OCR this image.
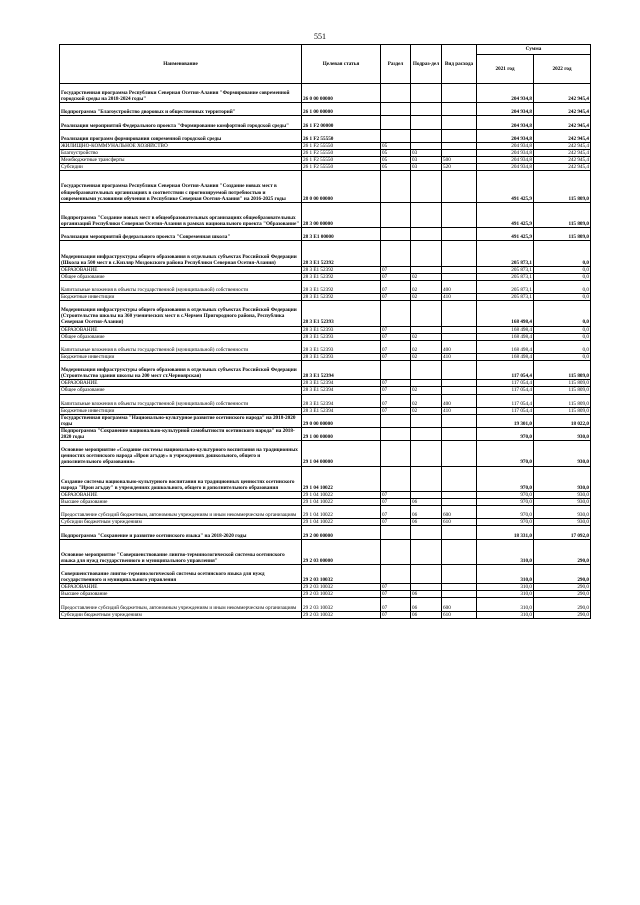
551
Наименование	Целевая статья	Раздел	Подраз-дел	Вид расхода	Сумма	
					2021 год	2022 год
Государственная программа Республики Северная Осетия-Алания "Формирование современной городской среды на 2018-2024 годы"	26 0 00 00000				204 934,8	242 945,4
Подпрограмма "Благоустройство дворовых и общественных территорий"	26 1 00 00000				204 934,8	242 945,4
Реализация мероприятий Федерального проекта "Формирование комфортной городской среды"	26 1 F2 00000				204 934,8	242 945,4
Реализация программ формирования современной городской среды	26 1 F2 55550				204 934,8	242 945,4
ЖИЛИЩНО-КОММУНАЛЬНОЕ ХОЗЯЙСТВО	26 1 F2 55550	05			204 934,8	242 945,4
Благоустройство	26 1 F2 55550	05	03		204 934,8	242 945,4
Межбюджетные трансферты	26 1 F2 55550	05	03	500	204 934,8	242 945,4
Субсидии	26 1 F2 55550	05	03	520	204 934,8	242 945,4
Государственная программа Республики Северная Осетия-Алания "Создание новых мест в общеобразовательных организациях в соответствии с прогнозируемой потребностью и современными условиями обучения в Республике Северная Осетия-Алания" на 2016-2025 годы	28 0 00 00000				491 425,9	115 809,0
Подпрограмма "Создание новых мест в общеобразовательных организациях общеобразовательных организаций Республики Северная Осетия-Алания в рамках национального проекта "Образование"	28 3 00 00000				491 425,9	115 809,0
Реализация мероприятий федерального проекта "Современная школа"	28 3 E1 00000				491 425,9	115 809,0
Модернизация инфраструктуры общего образования в отдельных субъектах Российской Федерации (Школа на 500 мест в с.Кизляр Моздокского района Республики Северная Осетия-Алания)	28 3 E1 52392				205 873,1	0,0
ОБРАЗОВАНИЕ	28 3 E1 52392	07			205 873,1	0,0
Общее образование	28 3 E1 52392	07	02		205 873,1	0,0
Капитальные вложения в объекты государственной (муниципальной) собственности	28 3 E1 52392	07	02	400	205 873,1	0,0
Бюджетные инвестиции	28 3 E1 52392	07	02	410	205 873,1	0,0
Модернизация инфраструктуры общего образования в отдельных субъектах Российской Федерации (Строительство школы на 360 ученических мест в с.Чермен Пригородного района, Республика Северная Осетия-Алания)	28 3 E1 52393				168 498,4	0,0
ОБРАЗОВАНИЕ	28 3 E1 52393	07			168 498,4	0,0
Общее образование	28 3 E1 52393	07	02		168 498,4	0,0
Капитальные вложения в объекты государственной (муниципальной) собственности	28 3 E1 52393	07	02	400	168 498,4	0,0
Бюджетные инвестиции	28 3 E1 52393	07	02	410	168 498,4	0,0
Модернизация инфраструктуры общего образования в отдельных субъектах Российской Федерации (Строительство здания школы на 200 мест ст.Черноярская)	28 3 E1 52394				117 054,4	115 809,0
ОБРАЗОВАНИЕ	28 3 E1 52394	07			117 054,4	115 809,0
Общее образование	28 3 E1 52394	07	02		117 054,4	115 809,0
Капитальные вложения в объекты государственной (муниципальной) собственности	28 3 E1 52394	07	02	400	117 054,4	115 809,0
Бюджетные инвестиции	28 3 E1 52394	07	02	410	117 054,4	115 809,0
Государственная программа "Национально-культурное развитие осетинского народа" на 2018-2020 годы	29 0 00 00000				19 301,0	18 022,0
Подпрограмма "Сохранение национально-культурной самобытности осетинского народа" на 2018-2020 годы	29 1 00 00000				970,0	930,0
Основное мероприятие «Создание системы национально-культурного воспитания на традиционных ценностях осетинского народа «Ирон агъдау» в учреждениях дошкольного, общего и дополнительного образования»	29 1 04 00000				970,0	930,0
Создание системы национально-культурного воспитания на традиционных ценностях осетинского народа "Ирон агъдау" в учреждениях дошкольного, общего и дополнительного образования	29 1 04 10022				970,0	930,0
ОБРАЗОВАНИЕ	29 1 04 10022	07			970,0	930,0
Высшее образование	29 1 04 10022	07	06		970,0	930,0
Предоставление субсидий бюджетным, автономным учреждениям и иным некоммерческим организациям	29 1 04 10022	07	06	600	970,0	930,0
Субсидии бюджетным учреждениям	29 1 04 10022	07	06	610	970,0	930,0
Подпрограмма "Сохранение и развитие осетинского языка" на 2018-2020 годы	29 2 00 00000				18 331,0	17 092,0
Основное мероприятие "Совершенствование лингво-терминологической системы осетинского языка для нужд государственного и муниципального управления"	29 2 03 00000				310,0	290,0
Совершенствование лингво-терминологической системы осетинского языка для нужд государственного и муниципального управления	29 2 03 10032				310,0	290,0
ОБРАЗОВАНИЕ	29 2 03 10032	07			310,0	290,0
Высшее образование	29 2 03 10032	07	06		310,0	290,0
Предоставление субсидий бюджетным, автономным учреждениям и иным некоммерческим организациям	29 2 03 10032	07	06	600	310,0	290,0
Субсидии бюджетным учреждениям	29 2 03 10032	07	06	610	310,0	290,0
